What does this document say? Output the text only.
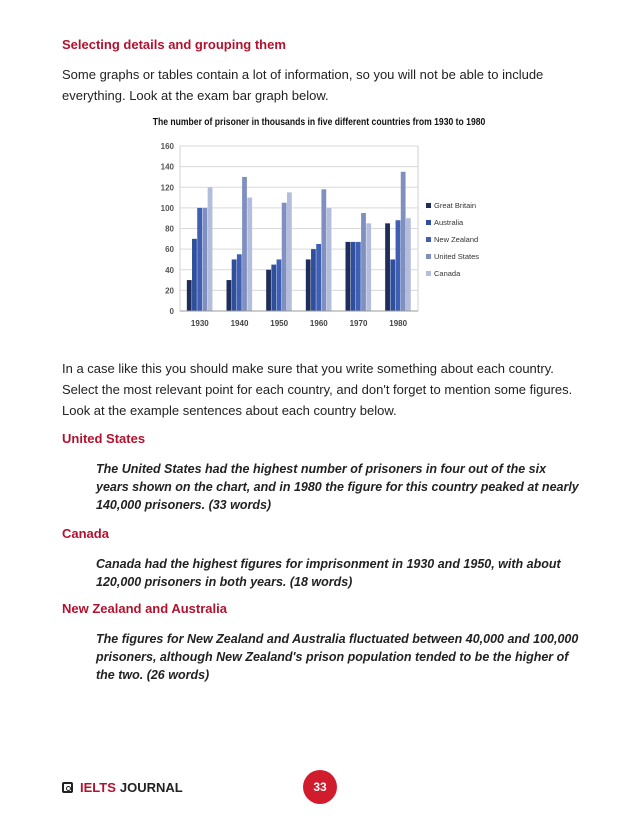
Selecting details and grouping them

Some graphs or tables contain a lot of information, so you will not be able to include everything. Look at the exam bar graph below.

The number of prisoner in thousands in five different countries from 1930 to 1980

0
20
40
60
80
100
120
140
160
1930	1940	1950	1960	1970	1980
Great Britain
Australia
New Zealand
United States
Canada

In a case like this you should make sure that you write something about each country. Select the most relevant point for each country, and don't forget to mention some figures. Look at the example sentences about each country below.

United States

The United States had the highest number of prisoners in four out of the six years shown on the chart, and in 1980 the figure for this country peaked at nearly 140,000 prisoners. (33 words)

Canada

Canada had the highest figures for imprisonment in 1930 and 1950, with about 120,000 prisoners in both years. (18 words)

New Zealand and Australia

The figures for New Zealand and Australia fluctuated between 40,000 and 100,000 prisoners, although New Zealand's prison population tended to be the higher of the two. (26 words)

IELTS JOURNAL	33
